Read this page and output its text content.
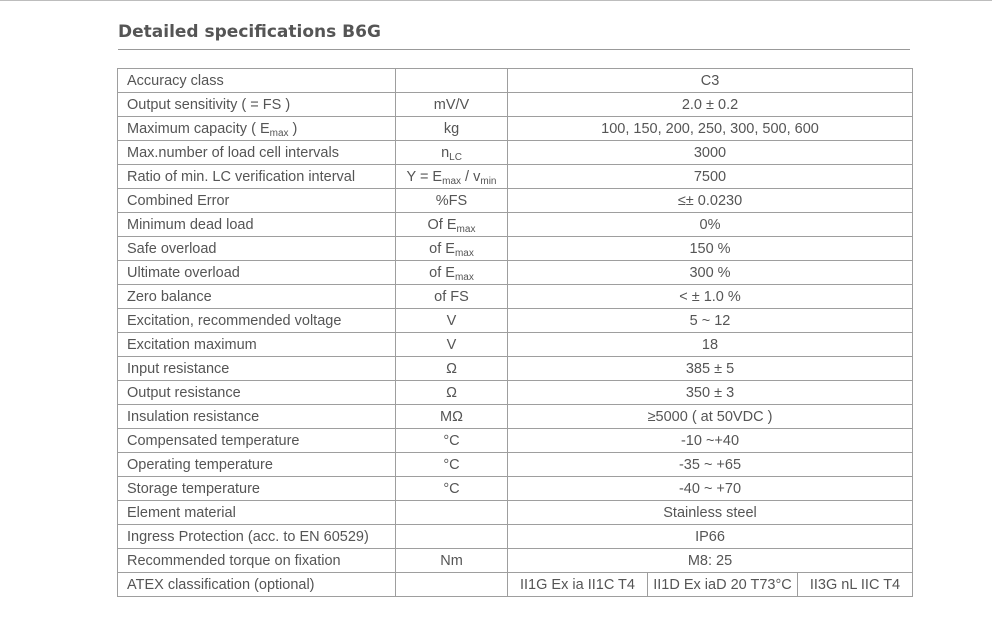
Detailed specifications B6G
Accuracy class		C3		
Output sensitivity ( = FS )	mV/V	2.0 ± 0.2		
Maximum capacity ( $E_{max}$ )	kg	100, 150, 200, 250, 300, 500, 600		
Max.number of load cell intervals	$n_{LC}$	3000		
Ratio of min. LC verification interval	$Y = E_{max} / v_{min}$	7500		
Combined Error	%FS	≤± 0.0230		
Minimum dead load	Of $E_{max}$	0%		
Safe overload	of $E_{max}$	150 %		
Ultimate overload	of $E_{max}$	300 %		
Zero balance	of FS	< ± 1.0 %		
Excitation, recommended voltage	V	5 ~ 12		
Excitation maximum	V	18		
Input resistance	Ω	385 ± 5		
Output resistance	Ω	350 ± 3		
Insulation resistance	MΩ	≥5000 ( at 50VDC )		
Compensated temperature	°C	-10 ~+40		
Operating temperature	°C	-35 ~ +65		
Storage temperature	°C	-40 ~ +70		
Element material		Stainless steel		
Ingress Protection (acc. to EN 60529)		IP66		
Recommended torque on fixation	Nm	M8: 25		
ATEX classification (optional)		II1G Ex ia II1C T4	II1D Ex iaD 20 T73°C	II3G nL IIC T4
